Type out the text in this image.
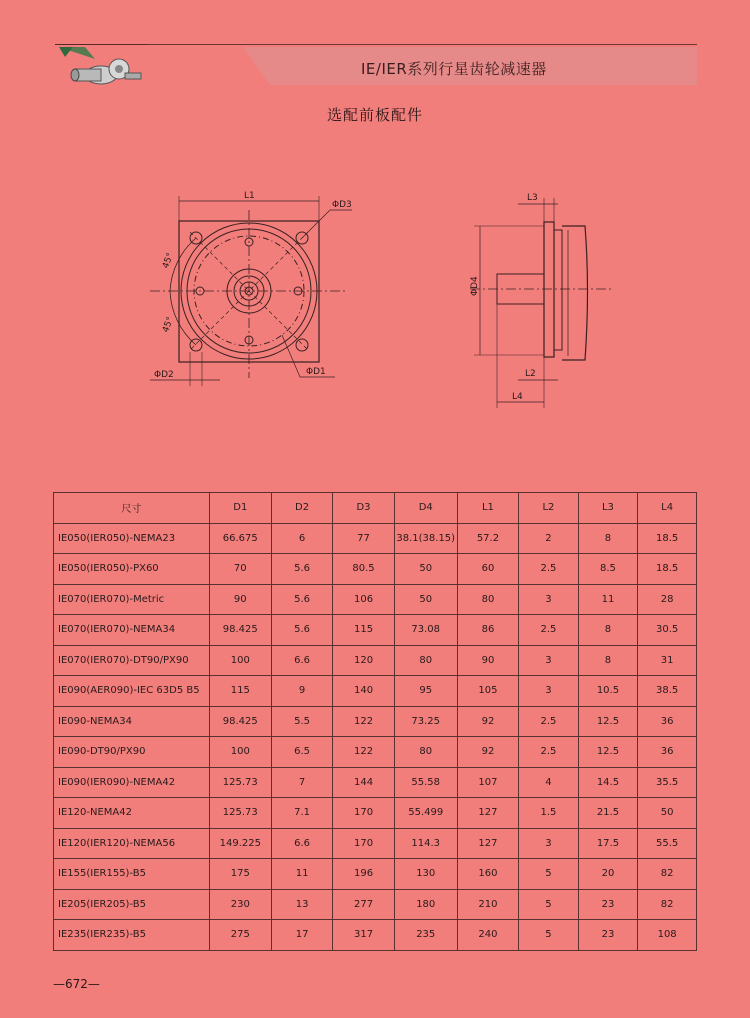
IE/IER系列行星齿轮减速器
选配前板配件
L1
ΦD3
ΦD2	ΦD1
45°
45°
L3
ΦD4
L2
L4
尺寸	D1	D2	D3	D4	L1	L2	L3	L4
IE050(IER050)-NEMA23	66.675	6	77	38.1(38.15)	57.2	2	8	18.5
IE050(IER050)-PX60	70	5.6	80.5	50	60	2.5	8.5	18.5
IE070(IER070)-Metric	90	5.6	106	50	80	3	11	28
IE070(IER070)-NEMA34	98.425	5.6	115	73.08	86	2.5	8	30.5
IE070(IER070)-DT90/PX90	100	6.6	120	80	90	3	8	31
IE090(AER090)-IEC 63D5 B5	115	9	140	95	105	3	10.5	38.5
IE090-NEMA34	98.425	5.5	122	73.25	92	2.5	12.5	36
IE090-DT90/PX90	100	6.5	122	80	92	2.5	12.5	36
IE090(IER090)-NEMA42	125.73	7	144	55.58	107	4	14.5	35.5
IE120-NEMA42	125.73	7.1	170	55.499	127	1.5	21.5	50
IE120(IER120)-NEMA56	149.225	6.6	170	114.3	127	3	17.5	55.5
IE155(IER155)-B5	175	11	196	130	160	5	20	82
IE205(IER205)-B5	230	13	277	180	210	5	23	82
IE235(IER235)-B5	275	17	317	235	240	5	23	108
—672—
